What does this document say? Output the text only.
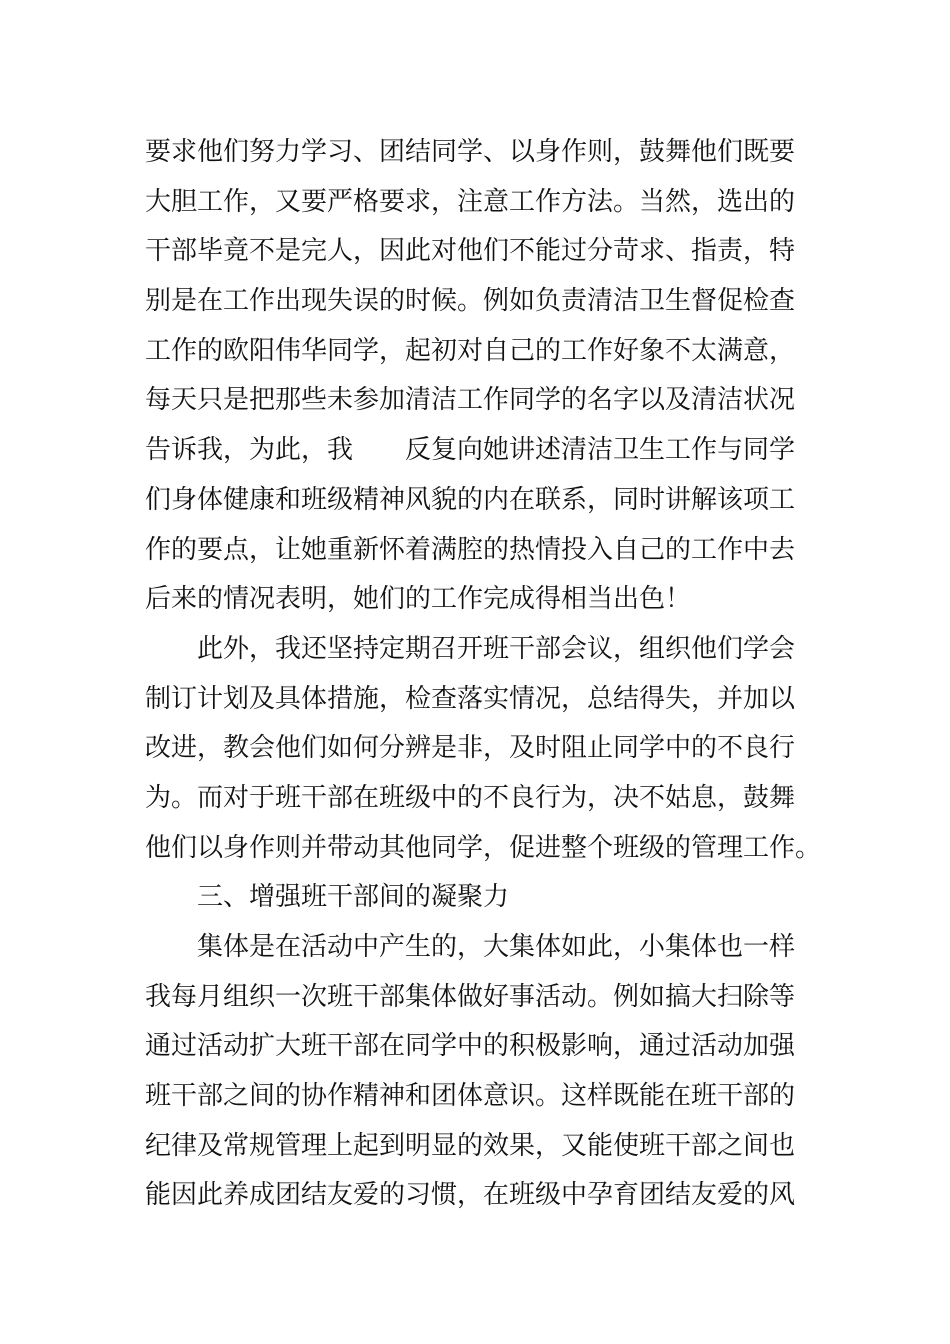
要求他们努力学习、团结同学、以身作则，鼓舞他们既要
大胆工作，又要严格要求，注意工作方法。当然，选出的
干部毕竟不是完人，因此对他们不能过分苛求、指责，特
别是在工作出现失误的时候。例如负责清洁卫生督促检查
工作的欧阳伟华同学，起初对自己的工作好象不太满意，
每天只是把那些未参加清洁工作同学的名字以及清洁状况
告诉我，为此，我　　反复向她讲述清洁卫生工作与同学
们身体健康和班级精神风貌的内在联系，同时讲解该项工
作的要点，让她重新怀着满腔的热情投入自己的工作中去
后来的情况表明，她们的工作完成得相当出色！
此外，我还坚持定期召开班干部会议，组织他们学会
制订计划及具体措施，检查落实情况，总结得失，并加以
改进，教会他们如何分辨是非，及时阻止同学中的不良行
为。而对于班干部在班级中的不良行为，决不姑息，鼓舞
他们以身作则并带动其他同学，促进整个班级的管理工作。
三、增强班干部间的凝聚力
集体是在活动中产生的，大集体如此，小集体也一样
我每月组织一次班干部集体做好事活动。例如搞大扫除等
通过活动扩大班干部在同学中的积极影响，通过活动加强
班干部之间的协作精神和团体意识。这样既能在班干部的
纪律及常规管理上起到明显的效果，又能使班干部之间也
能因此养成团结友爱的习惯，在班级中孕育团结友爱的风
